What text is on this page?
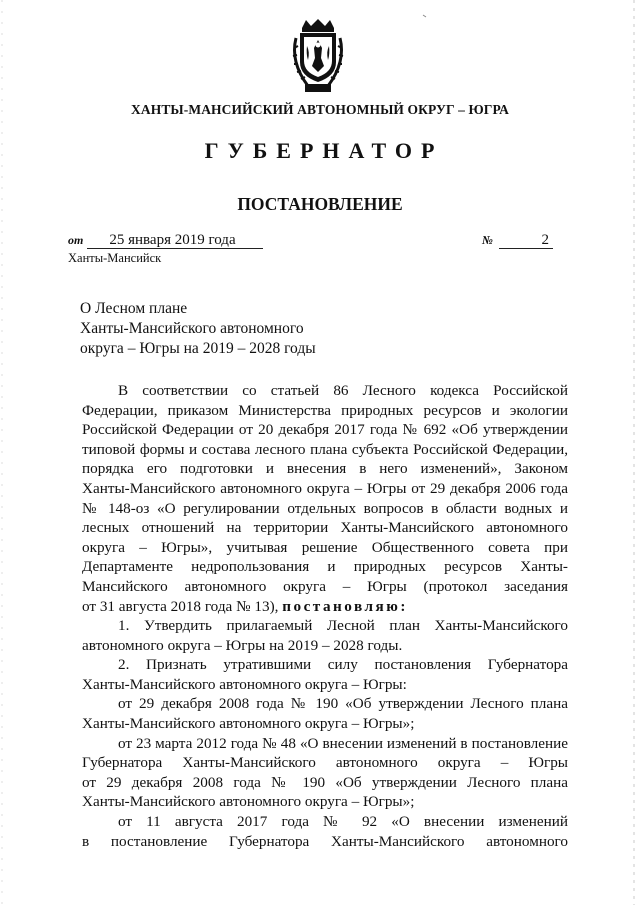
ХАНТЫ-МАНСИЙСКИЙ АВТОНОМНЫЙ ОКРУГ – ЮГРА
ГУБЕРНАТОР
ПОСТАНОВЛЕНИЕ
от 25 января 2019 года	№	2
Ханты-Мансийск
О Лесном плане
Ханты-Мансийского автономного
округа – Югры на 2019 – 2028 годы
В соответствии со статьей 86 Лесного кодекса Российской
Федерации, приказом Министерства природных ресурсов и экологии
Российской Федерации от 20 декабря 2017 года № 692 «Об утверждении
типовой формы и состава лесного плана субъекта Российской Федерации,
порядка его подготовки и внесения в него изменений», Законом
Ханты-Мансийского автономного округа – Югры от 29 декабря 2006 года
№ 148-оз «О регулировании отдельных вопросов в области водных и
лесных отношений на территории Ханты-Мансийского автономного
округа – Югры», учитывая решение Общественного совета при
Департаменте недропользования и природных ресурсов Ханты-
Мансийского автономного округа – Югры (протокол заседания
от 31 августа 2018 года № 13), постановляю:
1. Утвердить прилагаемый Лесной план Ханты-Мансийского
автономного округа – Югры на 2019 – 2028 годы.
2. Признать утратившими силу постановления Губернатора
Ханты-Мансийского автономного округа – Югры:
от 29 декабря 2008 года № 190 «Об утверждении Лесного плана
Ханты-Мансийского автономного округа – Югры»;
от 23 марта 2012 года № 48 «О внесении изменений в постановление
Губернатора Ханты-Мансийского автономного округа – Югры
от 29 декабря 2008 года № 190 «Об утверждении Лесного плана
Ханты-Мансийского автономного округа – Югры»;
от 11 августа 2017 года № 92 «О внесении изменений
в постановление Губернатора Ханты-Мансийского автономного
